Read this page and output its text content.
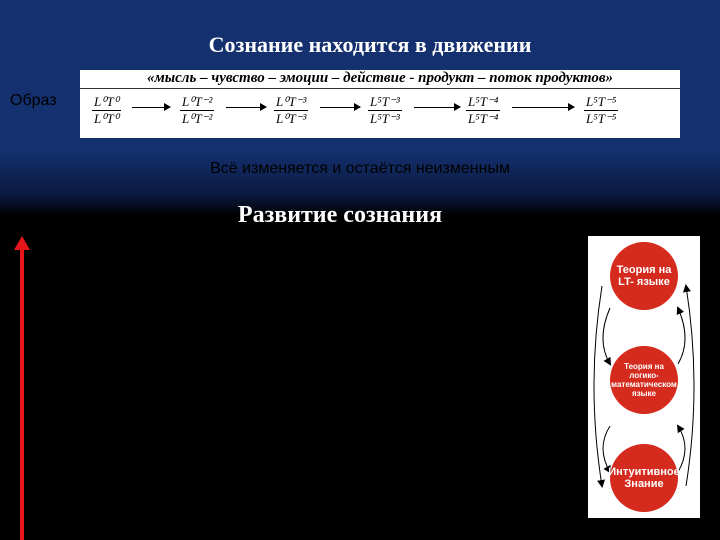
Сознание находится в движении
Образ
«мысль – чувство – эмоции – действие - продукт – поток продуктов»
$\frac{\text{L⁰T⁰}}{\text{L⁰T⁰}}$	$\frac{\text{L⁰T⁻²}}{\text{L⁰T⁻²}}$	$\frac{\text{L⁰T⁻³}}{\text{L⁰T⁻³}}$	$\frac{\text{L⁵T⁻³}}{\text{L⁵T⁻³}}$	$\frac{\text{L⁵T⁻⁴}}{\text{L⁵T⁻⁴}}$	$\frac{\text{L⁵T⁻⁵}}{\text{L⁵T⁻⁵}}$
Всё изменяется и остаётся неизменным
Развитие сознания
Развитие сознания – это способность устанавливать связь с высшим знанием посредством постижения и правильного применения закона сохранения развития жизни.
Уровни Сознания
Разум - способность устанавливать связь на универсальном пространственно-временном LT-языке.
Рассудок - способность устанавливать связь на логико-математическом языке.
Обыденное сознание (интуитивное) – способность устанавливать связь на естественном языке.
Теория на LT- языке
Теория на логико-математическом языке
Интуитивное Знание
